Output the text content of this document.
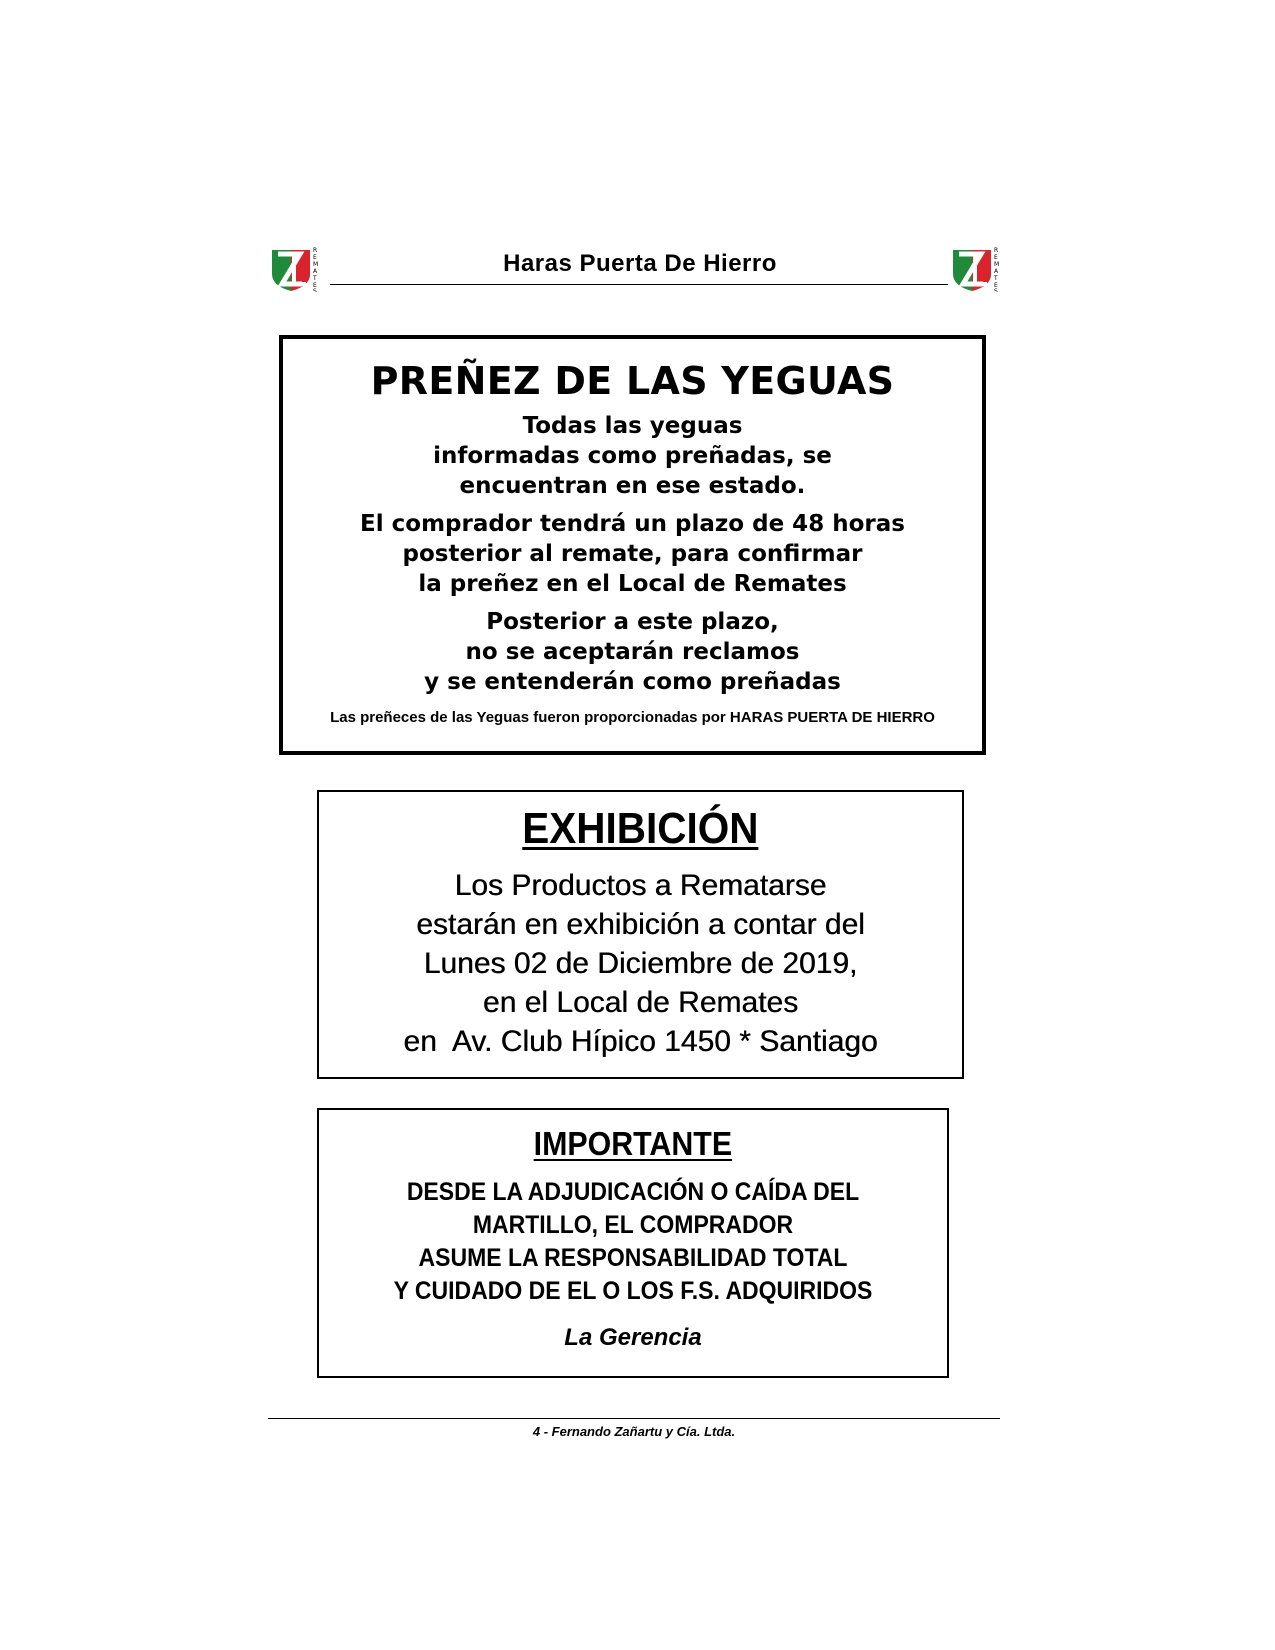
R
E
M
A
T
E
S
R
E
M
A
T
E
S
Haras Puerta De Hierro
PREÑEZ DE LAS YEGUAS
Todas las yeguas
informadas como preñadas, se
encuentran en ese estado.
El comprador tendrá un plazo de 48 horas
posterior al remate, para confirmar
la preñez en el Local de Remates
Posterior a este plazo,
no se aceptarán reclamos
y se entenderán como preñadas
Las preñeces de las Yeguas fueron proporcionadas por HARAS PUERTA DE HIERRO
EXHIBICIÓN
Los Productos a Rematarse
estarán en exhibición a contar del
Lunes 02 de Diciembre de 2019,
en el Local de Remates
en  Av. Club Hípico 1450 * Santiago
IMPORTANTE
DESDE LA ADJUDICACIÓN O CAÍDA DEL
MARTILLO, EL COMPRADOR
ASUME LA RESPONSABILIDAD TOTAL
Y CUIDADO DE EL O LOS F.S. ADQUIRIDOS
La Gerencia
4 - Fernando Zañartu y Cía. Ltda.
